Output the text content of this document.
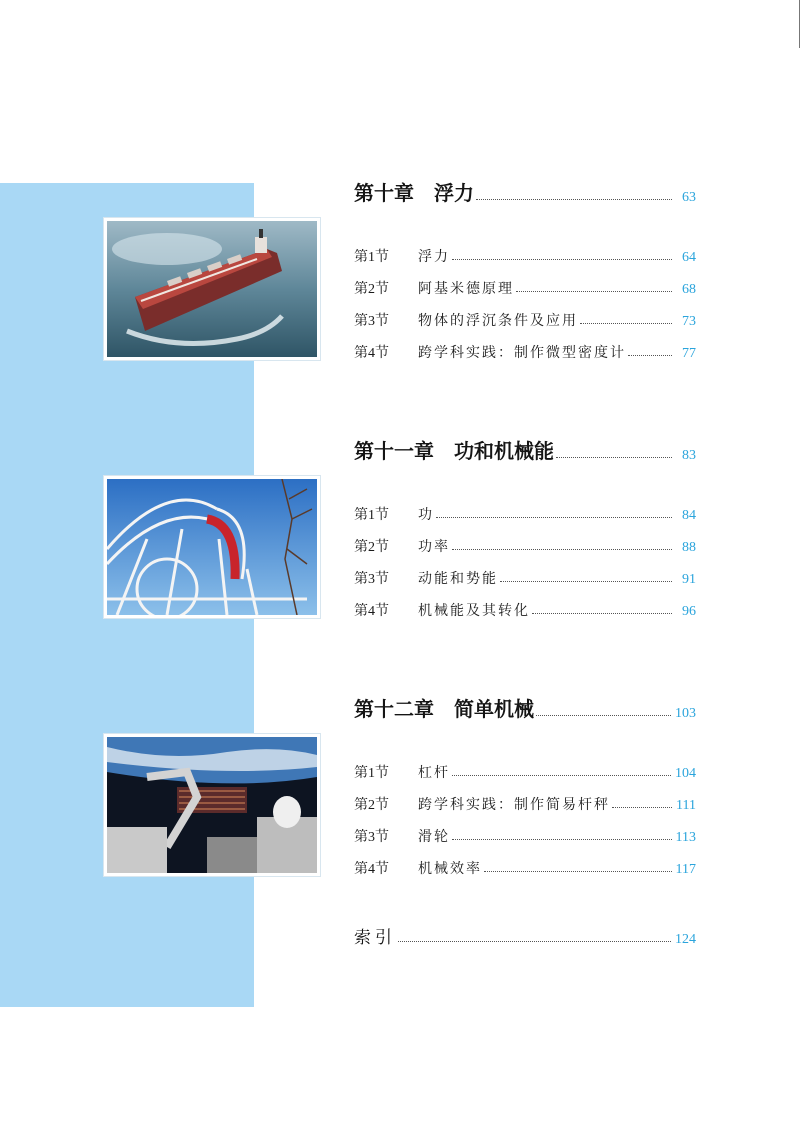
第十章　浮力	63
第1节	浮力	64
第2节	阿基米德原理	68
第3节	物体的浮沉条件及应用	73
第4节	跨学科实践：制作微型密度计	77
第十一章　功和机械能	83
第1节	功	84
第2节	功率	88
第3节	动能和势能	91
第4节	机械能及其转化	96
第十二章　简单机械	103
第1节	杠杆	104
第2节	跨学科实践：制作简易杆秤	111
第3节	滑轮	113
第4节	机械效率	117
索引	124
